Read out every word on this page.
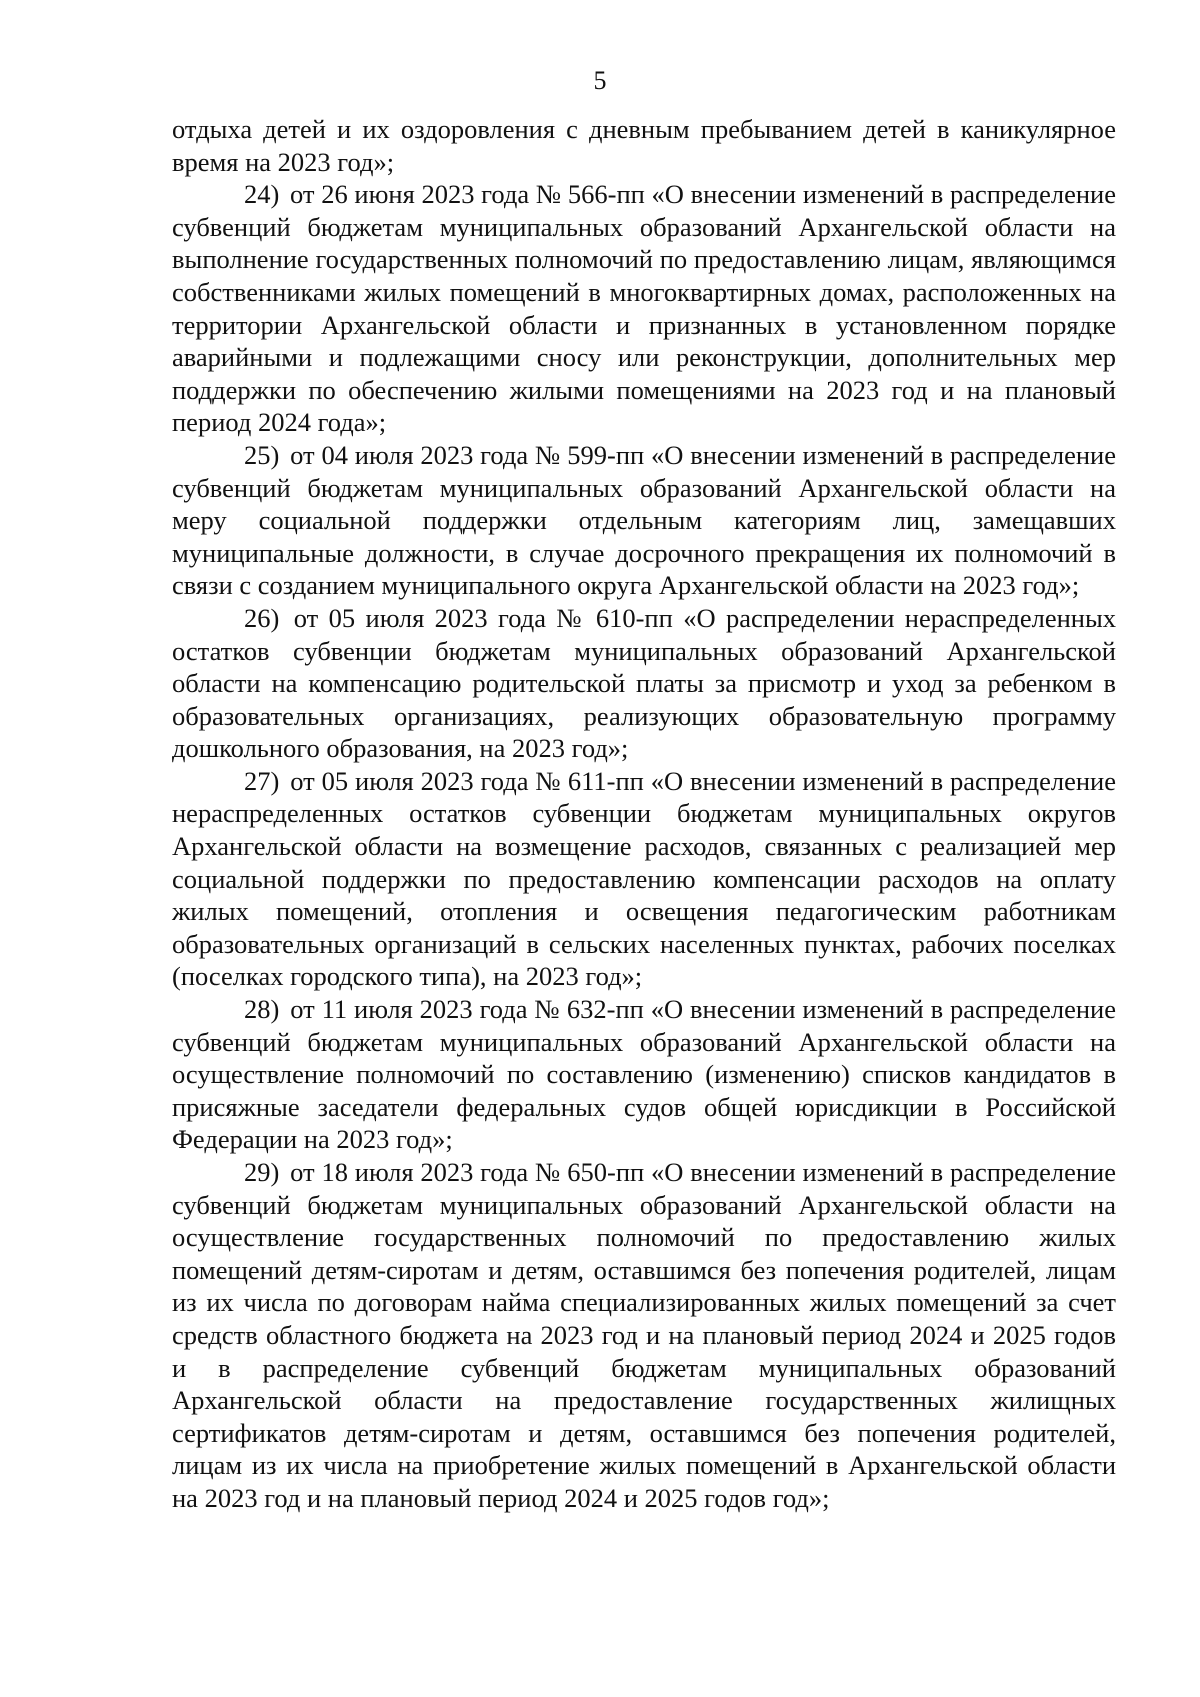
5

отдыха детей и их оздоровления с дневным пребыванием детей в каникулярное время на 2023 год»;

24) от 26 июня 2023 года № 566-пп «О внесении изменений в распределение субвенций бюджетам муниципальных образований Архангельской области на выполнение государственных полномочий по предоставлению лицам, являющимся собственниками жилых помещений в многоквартирных домах, расположенных на территории Архангельской области и признанных в установленном порядке аварийными и подлежащими сносу или реконструкции, дополнительных мер поддержки по обеспечению жилыми помещениями на 2023 год и на плановый период 2024 года»;

25) от 04 июля 2023 года № 599-пп «О внесении изменений в распределение субвенций бюджетам муниципальных образований Архангельской области на меру социальной поддержки отдельным категориям лиц, замещавших муниципальные должности, в случае досрочного прекращения их полномочий в связи с созданием муниципального округа Архангельской области на 2023 год»;

26) от 05 июля 2023 года № 610-пп «О распределении нераспределенных остатков субвенции бюджетам муниципальных образований Архангельской области на компенсацию родительской платы за присмотр и уход за ребенком в образовательных организациях, реализующих образовательную программу дошкольного образования, на 2023 год»;

27) от 05 июля 2023 года № 611-пп «О внесении изменений в распределение нераспределенных остатков субвенции бюджетам муниципальных округов Архангельской области на возмещение расходов, связанных с реализацией мер социальной поддержки по предоставлению компенсации расходов на оплату жилых помещений, отопления и освещения педагогическим работникам образовательных организаций в сельских населенных пунктах, рабочих поселках (поселках городского типа), на 2023 год»;

28) от 11 июля 2023 года № 632-пп «О внесении изменений в распределение субвенций бюджетам муниципальных образований Архангельской области на осуществление полномочий по составлению (изменению) списков кандидатов в присяжные заседатели федеральных судов общей юрисдикции в Российской Федерации на 2023 год»;

29) от 18 июля 2023 года № 650-пп «О внесении изменений в распределение субвенций бюджетам муниципальных образований Архангельской области на осуществление государственных полномочий по предоставлению жилых помещений детям-сиротам и детям, оставшимся без попечения родителей, лицам из их числа по договорам найма специализированных жилых помещений за счет средств областного бюджета на 2023 год и на плановый период 2024 и 2025 годов и в распределение субвенций бюджетам муниципальных образований Архангельской области на предоставление государственных жилищных сертификатов детям-сиротам и детям, оставшимся без попечения родителей, лицам из их числа на приобретение жилых помещений в Архангельской области на 2023 год и на плановый период 2024 и 2025 годов год»;
